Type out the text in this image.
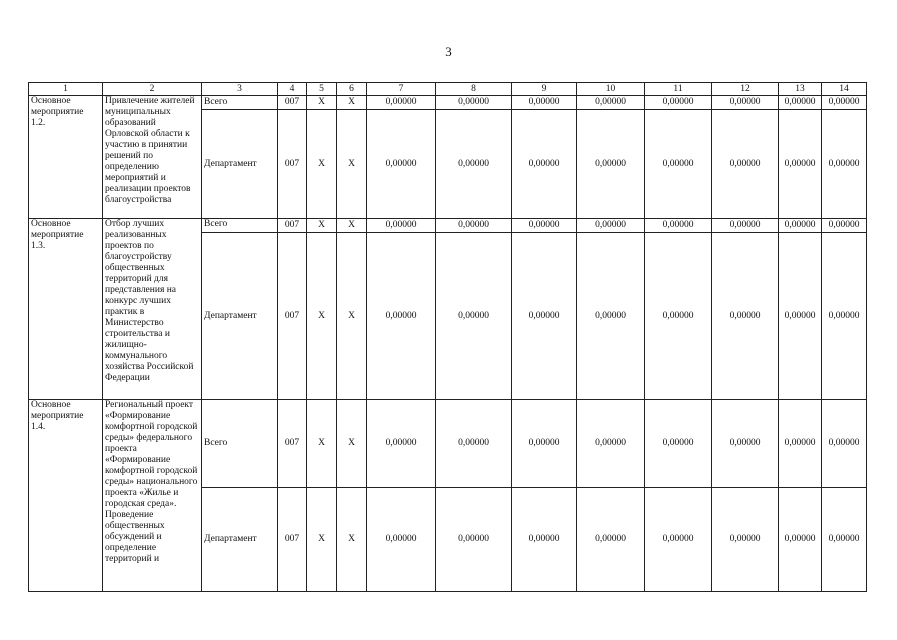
3
1	2	3	4	5	6	7	8	9	10	11	12	13	14
Основное мероприятие 1.2.	Привлечение жителей муниципальных образований Орловской области к участию в принятии решений по определению мероприятий и реализации проектов благоустройства	Всего	007	X	X	0,00000	0,00000	0,00000	0,00000	0,00000	0,00000	0,00000	0,00000
		Департамент	007	X	X	0,00000	0,00000	0,00000	0,00000	0,00000	0,00000	0,00000	0,00000
Основное мероприятие 1.3.	Отбор лучших реализованных проектов по благоустройству общественных территорий для представления на конкурс лучших практик в Министерство строительства и жилищно-коммунального хозяйства Российской Федерации	Всего	007	X	X	0,00000	0,00000	0,00000	0,00000	0,00000	0,00000	0,00000	0,00000
		Департамент	007	X	X	0,00000	0,00000	0,00000	0,00000	0,00000	0,00000	0,00000	0,00000
Основное мероприятие 1.4.	Региональный проект «Формирование комфортной городской среды» федерального проекта «Формирование комфортной городской среды» национального проекта «Жилье и городская среда». Проведение общественных обсуждений и определение территорий и	Всего	007	X	X	0,00000	0,00000	0,00000	0,00000	0,00000	0,00000	0,00000	0,00000
		Департамент	007	X	X	0,00000	0,00000	0,00000	0,00000	0,00000	0,00000	0,00000	0,00000
